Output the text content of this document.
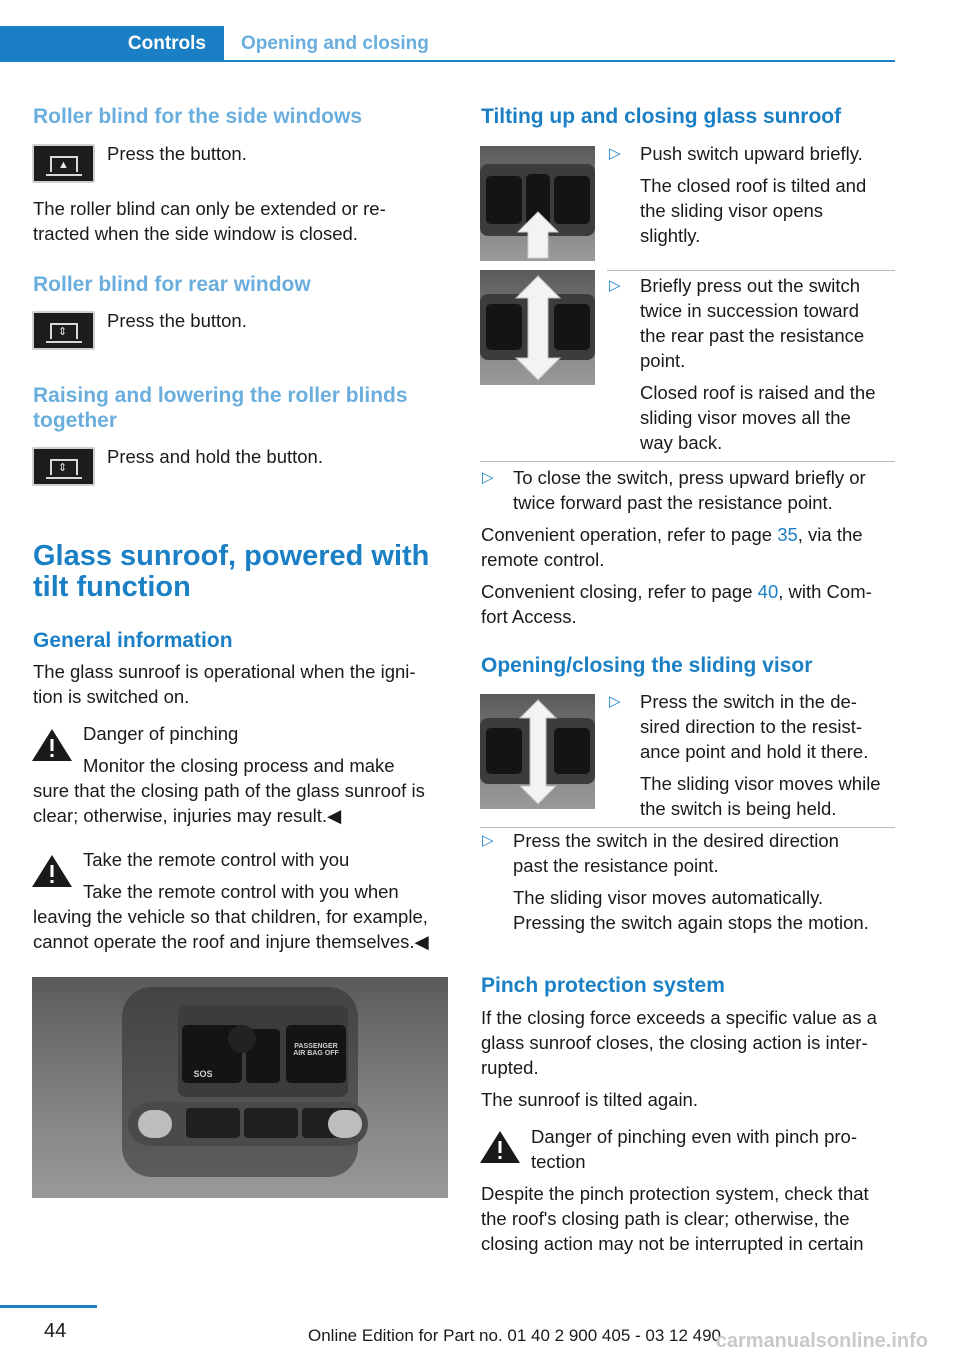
Controls	Opening and closing
Roller blind for the side windows
▲
Press the button.
The roller blind can only be extended or re‐
tracted when the side window is closed.
Roller blind for rear window
⇕
Press the button.
Raising and lowering the roller blinds
together
⇕
Press and hold the button.
Glass sunroof, powered with
tilt function
General information
The glass sunroof is operational when the igni‐
tion is switched on.
Danger of pinching
Monitor the closing process and make
sure that the closing path of the glass sunroof is
clear; otherwise, injuries may result.◀
Take the remote control with you
Take the remote control with you when
leaving the vehicle so that children, for example,
cannot operate the roof and injure themselves.◀
SOS
PASSENGER AIR BAG OFF
Tilting up and closing glass sunroof
▷ Push switch upward briefly.
The closed roof is tilted and
the sliding visor opens
slightly.
▷ Briefly press out the switch
twice in succession toward
the rear past the resistance
point.
Closed roof is raised and the
sliding visor moves all the
way back.
▷ To close the switch, press upward briefly or
twice forward past the resistance point.
Convenient operation, refer to page 35, via the
remote control.
Convenient closing, refer to page 40, with Com‐
fort Access.
Opening/closing the sliding visor
▷ Press the switch in the de‐
sired direction to the resist‐
ance point and hold it there.
The sliding visor moves while
the switch is being held.
▷ Press the switch in the desired direction
past the resistance point.
The sliding visor moves automatically.
Pressing the switch again stops the motion.
Pinch protection system
If the closing force exceeds a specific value as a
glass sunroof closes, the closing action is inter‐
rupted.
The sunroof is tilted again.
Danger of pinching even with pinch pro‐
tection
Despite the pinch protection system, check that
the roof's closing path is clear; otherwise, the
closing action may not be interrupted in certain
44	Online Edition for Part no. 01 40 2 900 405 - 03 12 490
carmanualsonline.info
